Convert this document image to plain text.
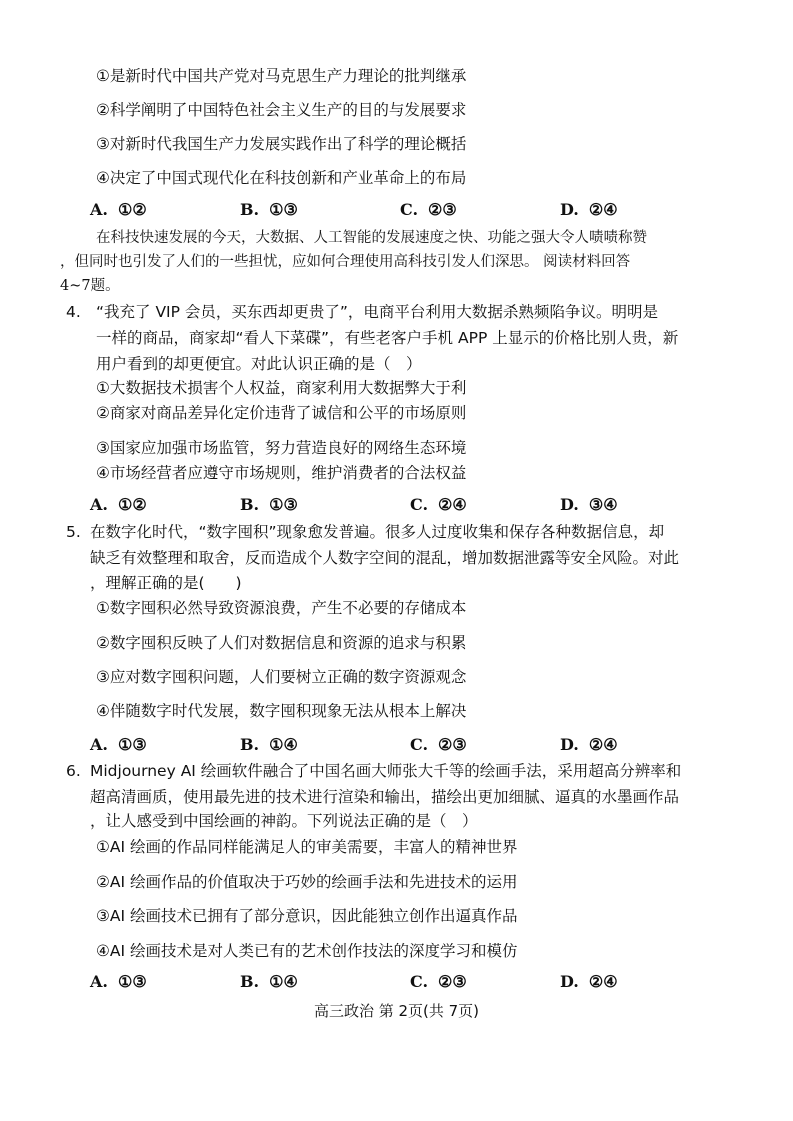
①是新时代中国共产党对马克思生产力理论的批判继承
②科学阐明了中国特色社会主义生产的目的与发展要求
③对新时代我国生产力发展实践作出了科学的理论概括
④决定了中国式现代化在科技创新和产业革命上的布局
A. ①②	B. ①③	C. ②③	D. ②④
在科技快速发展的今天，大数据、人工智能的发展速度之快、功能之强大令人啧啧称赞
，但同时也引发了人们的一些担忧，应如何合理使用高科技引发人们深思。 阅读材料回答
4~7题。
4. “我充了 VIP 会员，买东西却更贵了”，电商平台利用大数据杀熟频陷争议。明明是
一样的商品，商家却“看人下菜碟”，有些老客户手机 APP 上显示的价格比别人贵，新
用户看到的却更便宜。对此认识正确的是（　）
①大数据技术损害个人权益，商家利用大数据弊大于利
②商家对商品差异化定价违背了诚信和公平的市场原则
③国家应加强市场监管，努力营造良好的网络生态环境
④市场经营者应遵守市场规则，维护消费者的合法权益
A. ①②	B. ①③	C. ②④	D. ③④
5. 在数字化时代，“数字囤积”现象愈发普遍。很多人过度收集和保存各种数据信息，却
缺乏有效整理和取舍，反而造成个人数字空间的混乱，增加数据泄露等安全风险。对此
，理解正确的是(　　)
①数字囤积必然导致资源浪费，产生不必要的存储成本
②数字囤积反映了人们对数据信息和资源的追求与积累
③应对数字囤积问题，人们要树立正确的数字资源观念
④伴随数字时代发展，数字囤积现象无法从根本上解决
A. ①③	B. ①④	C. ②③	D. ②④
6. Midjourney AI 绘画软件融合了中国名画大师张大千等的绘画手法，采用超高分辨率和
超高清画质，使用最先进的技术进行渲染和输出，描绘出更加细腻、逼真的水墨画作品
，让人感受到中国绘画的神韵。下列说法正确的是（　）
①AI 绘画的作品同样能满足人的审美需要，丰富人的精神世界
②AI 绘画作品的价值取决于巧妙的绘画手法和先进技术的运用
③AI 绘画技术已拥有了部分意识，因此能独立创作出逼真作品
④AI 绘画技术是对人类已有的艺术创作技法的深度学习和模仿
A. ①③	B. ①④	C. ②③	D. ②④
高三政治 第 2页(共 7页)
